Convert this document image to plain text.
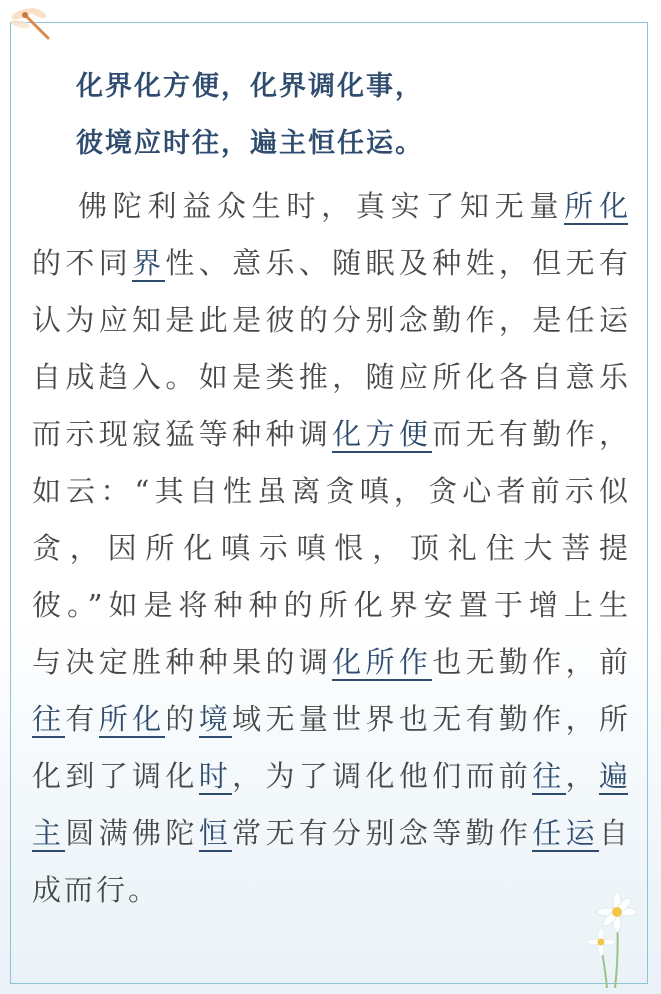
化界化方便，化界调化事，
彼境应时往，遍主恒任运。
佛陀利益众生时，真实了知无量所化
的不同界性、意乐、随眠及种姓，但无有
认为应知是此是彼的分别念勤作，是任运
自成趋入。如是类推，随应所化各自意乐
而示现寂猛等种种调化方便而无有勤作，
如云：“其自性虽离贪嗔，贪心者前示似
贪，因所化嗔示嗔恨，顶礼住大菩提
彼。”如是将种种的所化界安置于增上生
与决定胜种种果的调化所作也无勤作，前
往有所化的境域无量世界也无有勤作，所
化到了调化时，为了调化他们而前往，遍
主圆满佛陀恒常无有分别念等勤作任运自
成而行。
